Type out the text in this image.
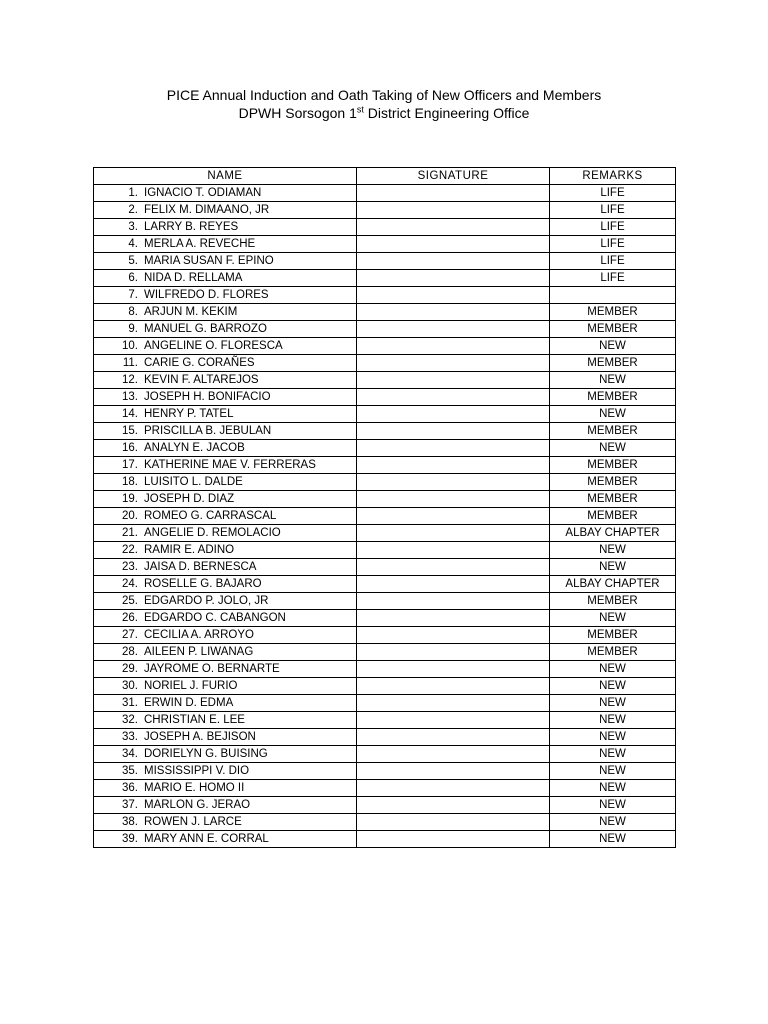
PICE Annual Induction and Oath Taking of New Officers and Members

DPWH Sorsogon 1st District Engineering Office

NAME	SIGNATURE	REMARKS
1. IGNACIO T. ODIAMAN		LIFE
2. FELIX M. DIMAANO, JR		LIFE
3. LARRY B. REYES		LIFE
4. MERLA A. REVECHE		LIFE
5. MARIA SUSAN F. EPINO		LIFE
6. NIDA D. RELLAMA		LIFE
7. WILFREDO D. FLORES		
8. ARJUN M. KEKIM		MEMBER
9. MANUEL G. BARROZO		MEMBER
10. ANGELINE O. FLORESCA		NEW
11. CARIE G. CORAÑES		MEMBER
12. KEVIN F. ALTAREJOS		NEW
13. JOSEPH H. BONIFACIO		MEMBER
14. HENRY P. TATEL		NEW
15. PRISCILLA B. JEBULAN		MEMBER
16. ANALYN E. JACOB		NEW
17. KATHERINE MAE V. FERRERAS		MEMBER
18. LUISITO L. DALDE		MEMBER
19. JOSEPH D. DIAZ		MEMBER
20. ROMEO G. CARRASCAL		MEMBER
21. ANGELIE D. REMOLACIO		ALBAY CHAPTER
22. RAMIR E. ADINO		NEW
23. JAISA D. BERNESCA		NEW
24. ROSELLE G. BAJARO		ALBAY CHAPTER
25. EDGARDO P. JOLO, JR		MEMBER
26. EDGARDO C. CABANGON		NEW
27. CECILIA A. ARROYO		MEMBER
28. AILEEN P. LIWANAG		MEMBER
29. JAYROME O. BERNARTE		NEW
30. NORIEL J. FURIO		NEW
31. ERWIN D. EDMA		NEW
32. CHRISTIAN E. LEE		NEW
33. JOSEPH A. BEJISON		NEW
34. DORIELYN G. BUISING		NEW
35. MISSISSIPPI V. DIO		NEW
36. MARIO E. HOMO II		NEW
37. MARLON G. JERAO		NEW
38. ROWEN J. LARCE		NEW
39. MARY ANN E. CORRAL		NEW
